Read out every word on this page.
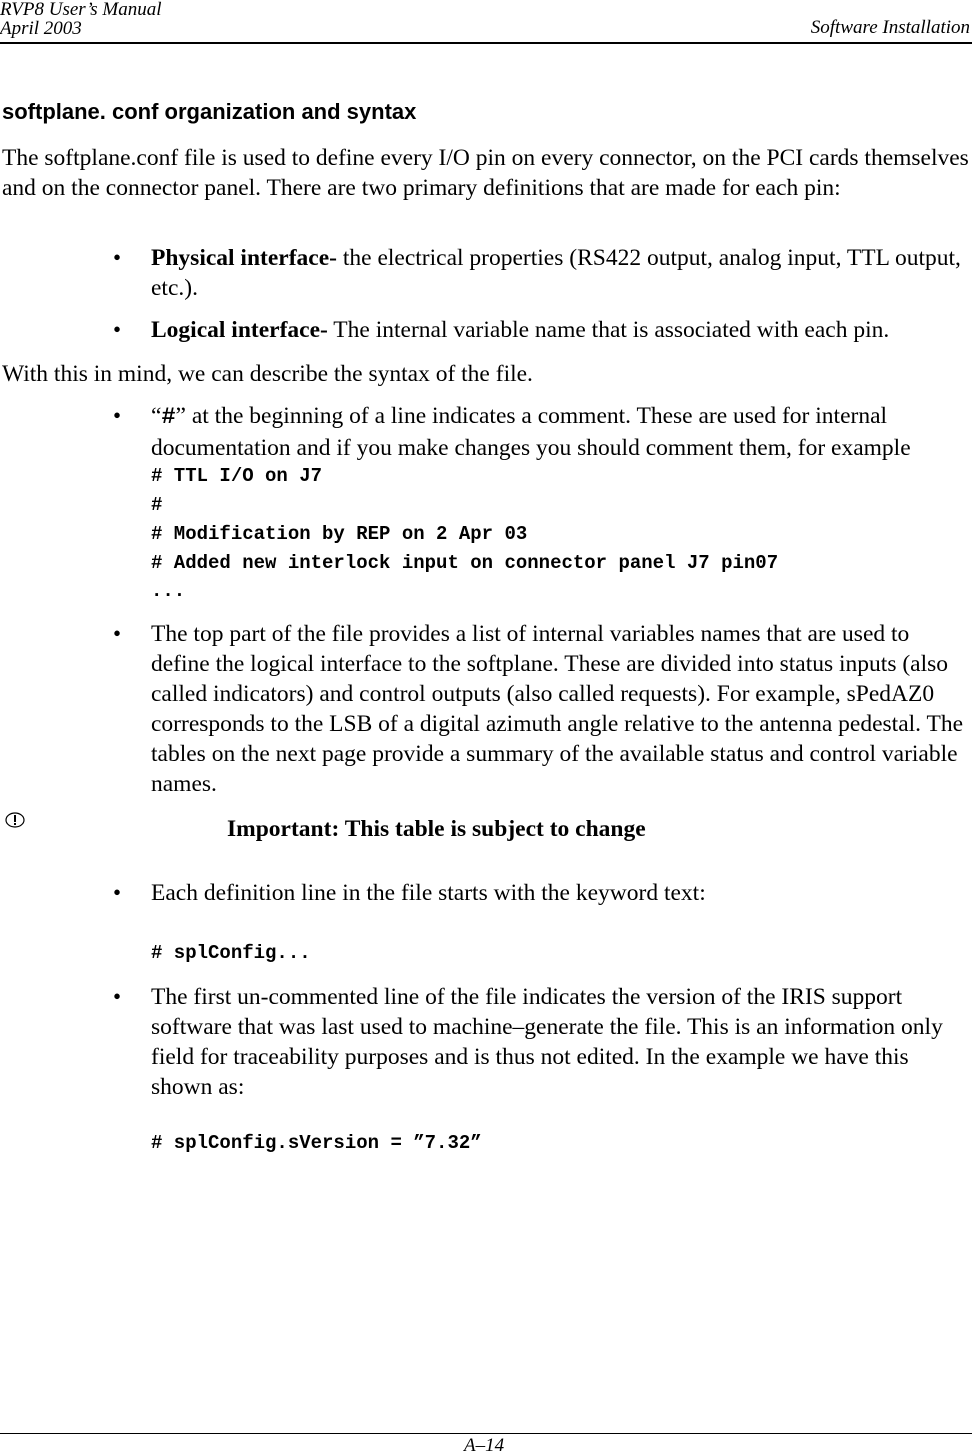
RVP8 User’s Manual
April 2003	Software Installation
softplane. conf organization and syntax

The softplane.conf file is used to define every I/O pin on every connector, on the PCI cards themselves and on the connector panel. There are two primary definitions that are made for each pin:

• Physical interface- the electrical properties (RS422 output, analog input, TTL output, etc.).

• Logical interface- The internal variable name that is associated with each pin.

With this in mind, we can describe the syntax of the file.

• “#” at the beginning of a line indicates a comment. These are used for internal documentation and if you make changes you should comment them, for example

# TTL I/O on J7
#
# Modification by REP on 2 Apr 03
# Added new interlock input on connector panel J7 pin07
...
• The top part of the file provides a list of internal variables names that are used to define the logical interface to the softplane. These are divided into status inputs (also called indicators) and control outputs (also called requests). For example, sPedAZ0 corresponds to the LSB of a digital azimuth angle relative to the antenna pedestal. The tables on the next page provide a summary of the available status and control variable names.

Important: This table is subject to change
• Each definition line in the file starts with the keyword text:

# splConfig...
• The first un-commented line of the file indicates the version of the IRIS support software that was last used to machine–generate the file. This is an information only field for traceability purposes and is thus not edited. In the example we have this shown as:

# splConfig.sVersion = ”7.32”
A–14
